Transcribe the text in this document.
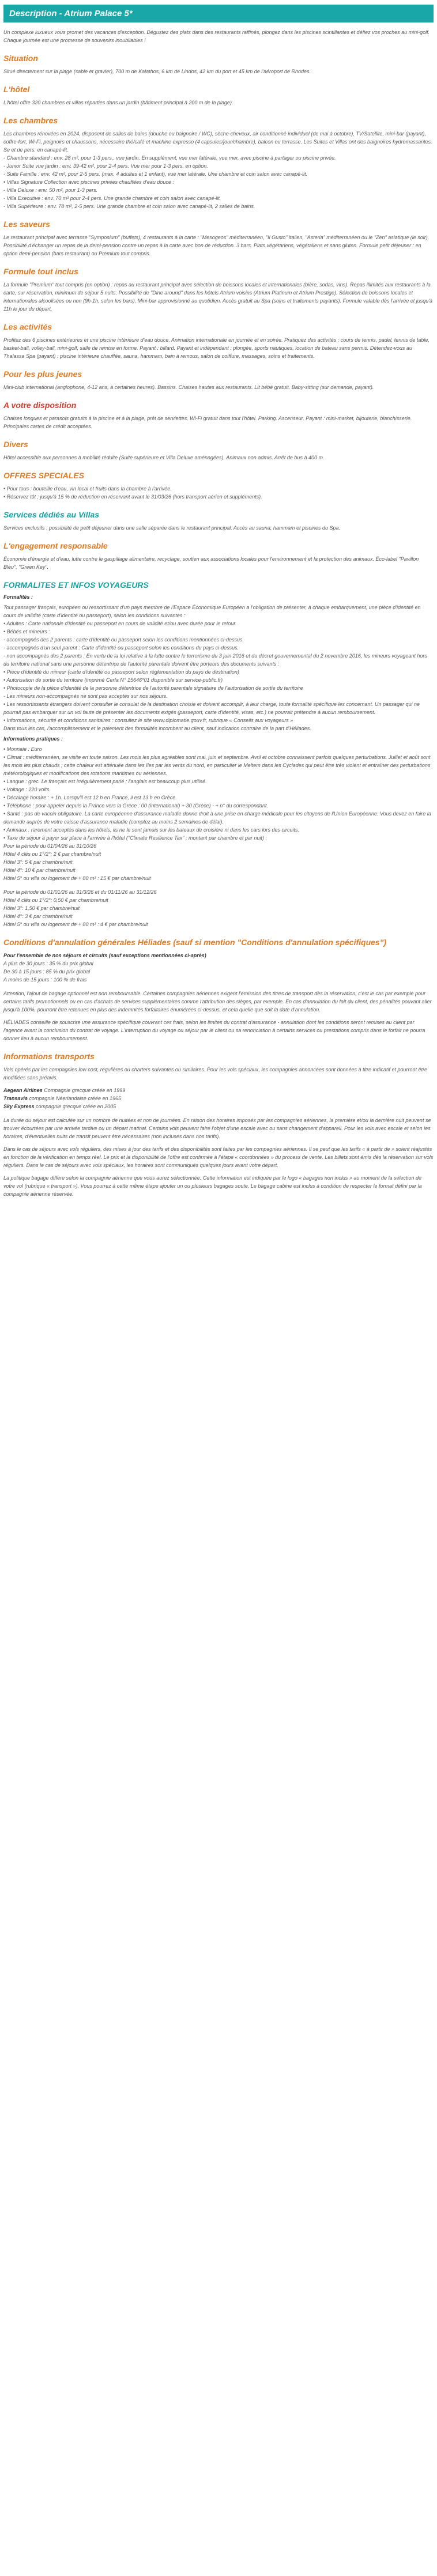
Description - Atrium Palace 5*

Un complexe luxueux vous promet des vacances d'exception. Dégustez des plats dans des restaurants raffinés, plongez dans les piscines scintillantes et défiez vos proches au mini-golf. Chaque journée est une promesse de souvenirs inoubliables !

Situation

Situé directement sur la plage (sable et gravier), 700 m de Kalathos, 6 km de Lindos, 42 km du port et 45 km de l'aéroport de Rhodes.

L'hôtel

L'hôtel offre 320 chambres et villas réparties dans un jardin (bâtiment principal à 200 m de la plage).

Les chambres

Les chambres rénovées en 2024, disposent de salles de bains (douche ou baignoire / WC), sèche-cheveux, air conditionné individuel (de mai à octobre), TV/Satellite, mini-bar (payant), coffre-fort, Wi-Fi, peignoirs et chaussons, nécessaire thé/café et machine expresso (4 capsules/jour/chambre), balcon ou terrasse. Les Suites et Villas ont des baignoires hydromassantes. Se et de pers. en canapé-lit.

- Chambre standard : env. 28 m², pour 1-3 pers., vue jardin. En supplément, vue mer latérale, vue mer, avec piscine à partager ou piscine privée.

- Junior Suite vue jardin : env. 39-42 m², pour 2-4 pers. Vue mer pour 1-3 pers. en option.

- Suite Famille : env. 42 m², pour 2-5 pers. (max. 4 adultes et 1 enfant), vue mer latérale. Une chambre et coin salon avec canapé-lit.

• Villas Signature Collection avec piscines privées chauffées d'eau douce :

- Villa Deluxe : env. 50 m², pour 1-3 pers.

- Villa Executive : env. 70 m² pour 2-4 pers. Une grande chambre et coin salon avec canapé-lit.

- Villa Supérieure : env. 78 m², 2-5 pers. Une grande chambre et coin salon avec canapé-lit, 2 salles de bains.

Les saveurs

Le restaurant principal avec terrasse "Symposium" (buffets), 4 restaurants à la carte : "Mesogeos" méditerranéen, "Il Gusto" italien, "Asteria" méditerranéen ou le "Zen" asiatique (le soir). Possibilité d'échanger un repas de la demi-pension contre un repas à la carte avec bon de réduction. 3 bars. Plats végétariens, végétaliens et sans gluten. Formule petit déjeuner : en option demi-pension (bars restaurant) ou Premium tout compris.

Formule tout inclus

La formule "Premium" tout compris (en option) : repas au restaurant principal avec sélection de boissons locales et internationales (bière, sodas, vins). Repas illimités aux restaurants à la carte, sur réservation, minimum de séjour 5 nuits. Possibilité de "Dine around" dans les hôtels Atrium voisins (Atrium Platinum et Atrium Prestige). Sélection de boissons locales et internationales alcoolisées ou non (9h-1h, selon les bars). Mini-bar approvisionné au quotidien. Accès gratuit au Spa (soins et traitements payants). Formule valable dès l'arrivée et jusqu'à 11h le jour du départ.

Les activités

Profitez des 6 piscines extérieures et une piscine intérieure d'eau douce. Animation internationale en journée et en soirée. Pratiquez des activités : cours de tennis, padel, tennis de table, basket-ball, volley-ball, mini-golf, salle de remise en forme. Payant : billard. Payant et indépendant : plongée, sports nautiques, location de bateau sans permis. Détendez-vous au Thalassa Spa (payant) : piscine intérieure chauffée, sauna, hammam, bain à remous, salon de coiffure, massages, soins et traitements.

Pour les plus jeunes

Mini-club international (anglophone, 4-12 ans, à certaines heures). Bassins. Chaises hautes aux restaurants. Lit bébé gratuit. Baby-sitting (sur demande, payant).

A votre disposition

Chaises longues et parasols gratuits à la piscine et à la plage, prêt de serviettes. Wi-Fi gratuit dans tout l'hôtel. Parking. Ascenseur. Payant : mini-market, bijouterie, blanchisserie. Principales cartes de crédit acceptées.

Divers

Hôtel accessible aux personnes à mobilité réduite (Suite supérieure et Villa Deluxe aménagées). Animaux non admis. Arrêt de bus à 400 m.

OFFRES SPECIALES

• Pour tous : bouteille d'eau, vin local et fruits dans la chambre à l'arrivée.

• Réservez tôt : jusqu'à 15 % de réduction en réservant avant le 31/03/26 (hors transport aérien et suppléments).

Services dédiés au Villas

Services exclusifs : possibilité de petit déjeuner dans une salle séparée dans le restaurant principal. Accès au sauna, hammam et piscines du Spa.

L'engagement responsable

Économie d'énergie et d'eau, lutte contre le gaspillage alimentaire, recyclage, soutien aux associations locales pour l'environnement et la protection des animaux. Éco-label "Pavillon Bleu", "Green Key".

FORMALITES ET INFOS VOYAGEURS
Formalités :

Tout passager français, européen ou ressortissant d'un pays membre de l'Espace Économique Européen a l'obligation de présenter, à chaque embarquement, une pièce d'identité en cours de validité (carte d'identité ou passeport), selon les conditions suivantes :

• Adultes : Carte nationale d'identité ou passeport en cours de validité et/ou avec durée pour le retour.

• Bébés et mineurs :

- accompagnés des 2 parents : carte d'identité ou passeport selon les conditions mentionnées ci-dessus.

- accompagnés d'un seul parent : Carte d'identité ou passeport selon les conditions du pays ci-dessus.

- non accompagnés des 2 parents : En vertu de la loi relative à la lutte contre le terrorisme du 3 juin 2016 et du décret gouvernemental du 2 novembre 2016, les mineurs voyageant hors du territoire national sans une personne détentrice de l'autorité parentale doivent être porteurs des documents suivants :

• Pièce d'identité du mineur (carte d'identité ou passeport selon réglementation du pays de destination)

• Autorisation de sortie du territoire (imprimé Cerfa N° 15646*01 disponible sur service-public.fr)

• Photocopie de la pièce d'identité de la personne détentrice de l'autorité parentale signataire de l'autorisation de sortie du territoire

- Les mineurs non-accompagnés ne sont pas acceptés sur nos séjours.

• Les ressortissants étrangers doivent consulter le consulat de la destination choisie et doivent accomplir, à leur charge, toute formalité spécifique les concernant. Un passager qui ne pourrait pas embarquer sur un vol faute de présenter les documents exigés (passeport, carte d'identité, visas, etc.) ne pourrait prétendre à aucun remboursement.

• Informations, sécurité et conditions sanitaires : consultez le site www.diplomatie.gouv.fr, rubrique « Conseils aux voyageurs »

Dans tous les cas, l'accomplissement et le paiement des formalités incombent au client, sauf indication contraire de la part d'Héliades.

Informations pratiques :

• Monnaie : Euro

• Climat : méditerranéen, se visite en toute saison. Les mois les plus agréables sont mai, juin et septembre. Avril et octobre connaissent parfois quelques perturbations. Juillet et août sont les mois les plus chauds ; cette chaleur est atténuée dans les îles par les vents du nord, en particulier le Meltem dans les Cyclades qui peut être très violent et entraîner des perturbations météorologiques et modifications des rotations maritimes ou aériennes.

• Langue : grec. Le français est irrégulièrement parlé ; l'anglais est beaucoup plus utilisé.

• Voltage : 220 volts.

• Décalage horaire : + 1h. Lorsqu'il est 12 h en France, il est 13 h en Grèce.

• Téléphone : pour appeler depuis la France vers la Grèce : 00 (international) + 30 (Grèce) - + n° du correspondant.

• Santé : pas de vaccin obligatoire. La carte européenne d'assurance maladie donne droit à une prise en charge médicale pour les citoyens de l'Union Européenne. Vous devez en faire la demande auprès de votre caisse d'assurance maladie (comptez au moins 2 semaines de délai).

• Animaux : rarement acceptés dans les hôtels, ils ne le sont jamais sur les bateaux de croisière ni dans les cars lors des circuits.

• Taxe de séjour à payer sur place à l'arrivée à l'hôtel ("Climate Resilience Tax" ; montant par chambre et par nuit) :

Pour la période du 01/04/26 au 31/10/26

Hôtel 4 clés ou 1°/2°: 2 € par chambre/nuit

Hôtel 3°: 5 € par chambre/nuit

Hôtel 4°: 10 € par chambre/nuit

Hôtel 5° ou villa ou logement de + 80 m² : 15 € par chambre/nuit

Pour la période du 01/01/26 au 31/3/26 et du 01/11/26 au 31/12/26

Hôtel 4 clés ou 1°/2°: 0,50 € par chambre/nuit

Hôtel 3°: 1,50 € par chambre/nuit

Hôtel 4°: 3 € par chambre/nuit

Hôtel 5° ou villa ou logement de + 80 m² : 4 € par chambre/nuit

Conditions d'annulation générales Héliades (sauf si mention "Conditions d'annulation spécifiques")

Pour l'ensemble de nos séjours et circuits (sauf exceptions mentionnées ci-après)

A plus de 30 jours : 35 % du prix global

De 30 à 15 jours : 85 % du prix global

A moins de 15 jours : 100 % de frais

Attention, l'ajout de bagage optionnel est non remboursable. Certaines compagnies aériennes exigent l'émission des titres de transport dès la réservation, c'est le cas par exemple pour certains tarifs promotionnels ou en cas d'achats de services supplémentaires comme l'attribution des sièges, par exemple. En cas d'annulation du fait du client, des pénalités pouvant aller jusqu'à 100%, pourront être retenues en plus des indemnités forfaitaires énumérées ci-dessus, et cela quelle que soit la date d'annulation.

HÉLIADES conseille de souscrire une assurance spécifique couvrant ces frais, selon les limites du contrat d'assurance - annulation dont les conditions seront remises au client par l'agence avant la conclusion du contrat de voyage. L'interruption du voyage ou séjour par le client ou sa renonciation à certains services ou prestations compris dans le forfait ne pourra donner lieu à aucun remboursement.

Informations transports

Vols opérés par les compagnies low cost, régulières ou charters suivantes ou similaires. Pour les vols spéciaux, les compagnies annoncées sont données à titre indicatif et pourront être modifiées sans préavis.

Aegean Airlines Compagnie grecque créée en 1999

Transavia compagnie Néerlandaise créée en 1965

Sky Express compagnie grecque créée en 2005

La durée du séjour est calculée sur un nombre de nuitées et non de journées. En raison des horaires imposés par les compagnies aériennes, la première et/ou la dernière nuit peuvent se trouver écourtées par une arrivée tardive ou un départ matinal. Certains vols peuvent faire l'objet d'une escale avec ou sans changement d'appareil. Pour les vols avec escale et selon les horaires, d'éventuelles nuits de transit peuvent être nécessaires (non incluses dans nos tarifs).

Dans le cas de séjours avec vols réguliers, des mises à jour des tarifs et des disponibilités sont faites par les compagnies aériennes. Il se peut que les tarifs « à partir de » soient réajustés en fonction de la vérification en temps réel. Le prix et la disponibilité de l'offre est confirmée à l'étape « coordonnées » du process de vente. Les billets sont émis dès la réservation sur vols réguliers. Dans le cas de séjours avec vols spéciaux, les horaires sont communiqués quelques jours avant votre départ.

La politique bagage diffère selon la compagnie aérienne que vous aurez sélectionnée. Cette information est indiquée par le logo « bagages non inclus » au moment de la sélection de votre vol (rubrique « transport »). Vous pourrez à cette même étape ajouter un ou plusieurs bagages soute. Le bagage cabine est inclus à condition de respecter le format défini par la compagnie aérienne réservée.
